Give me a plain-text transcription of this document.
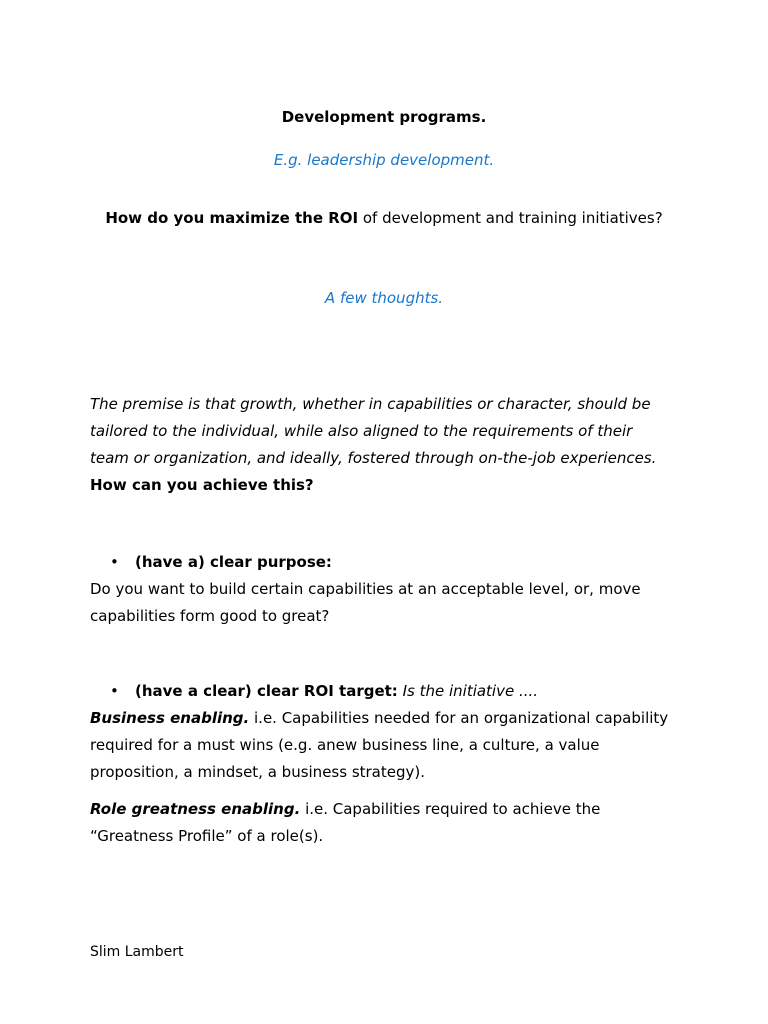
Development programs.
E.g. leadership development.
How do you maximize the ROI of development and training initiatives?
A few thoughts.
The premise is that growth, whether in capabilities or character, should be
tailored to the individual, while also aligned to the requirements of their
team or organization, and ideally, fostered through on-the-job experiences.
How can you achieve this?
• (have a) clear purpose:
Do you want to build certain capabilities at an acceptable level, or, move
capabilities form good to great?
• (have a clear) clear ROI target: Is the initiative ....
Business enabling. i.e. Capabilities needed for an organizational capability
required for a must wins (e.g. anew business line, a culture, a value
proposition, a mindset, a business strategy).
Role greatness enabling. i.e. Capabilities required to achieve the
“Greatness Profile” of a role(s).
Slim Lambert
